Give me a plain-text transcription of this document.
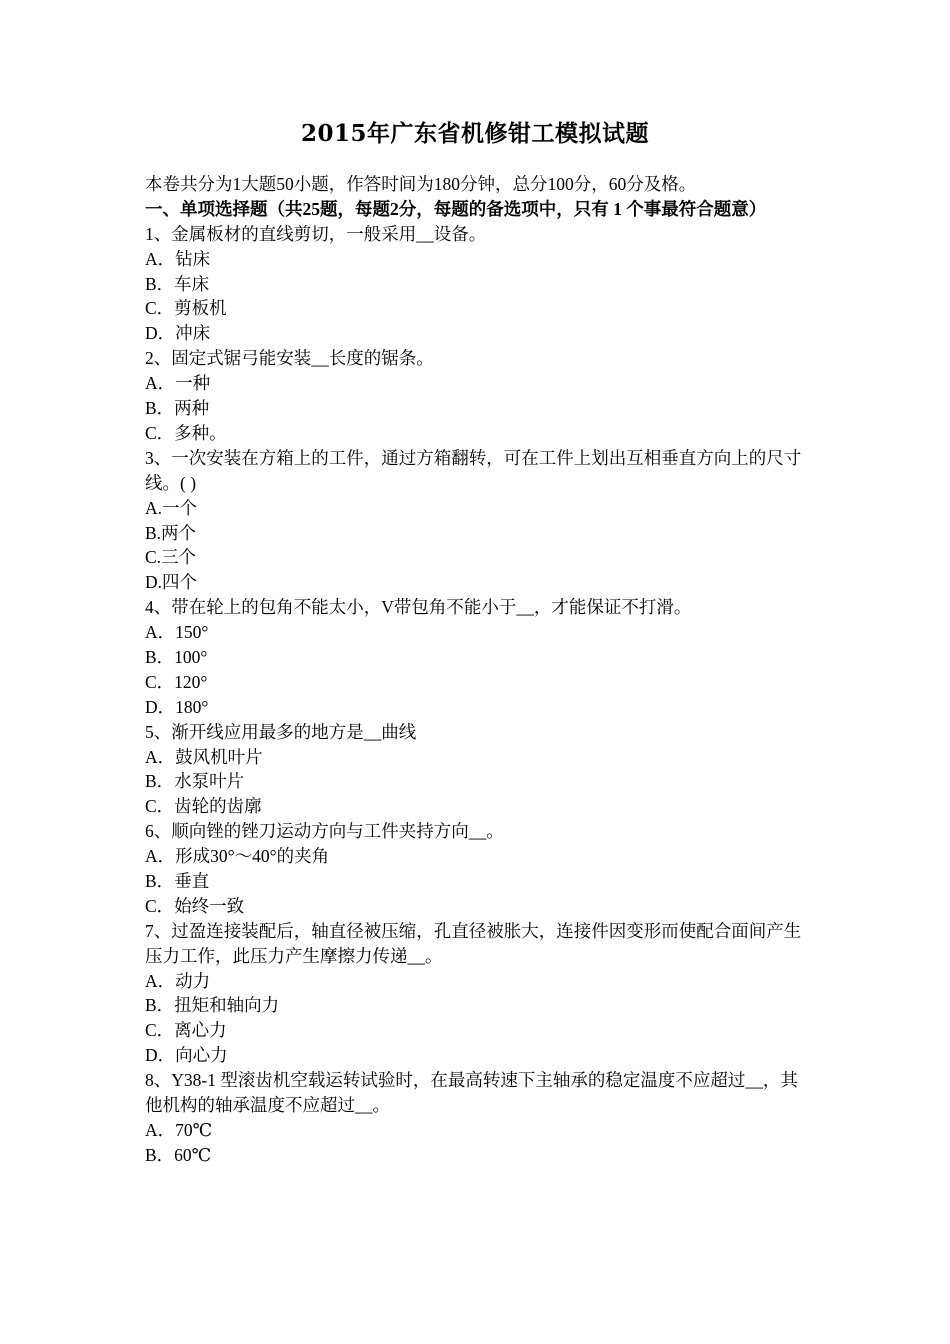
2015年广东省机修钳工模拟试题
本卷共分为1大题50小题，作答时间为180分钟，总分100分，60分及格。
一、单项选择题（共25题，每题2分，每题的备选项中，只有 1 个事最符合题意）
1、金属板材的直线剪切，一般采用__设备。
A．钻床
B．车床
C．剪板机
D．冲床
2、固定式锯弓能安装__长度的锯条。
A．一种
B．两种
C．多种。
3、一次安装在方箱上的工件，通过方箱翻转，可在工件上划出互相垂直方向上的尺寸线。( )
A.一个
B.两个
C.三个
D.四个
4、带在轮上的包角不能太小，V带包角不能小于__，才能保证不打滑。
A．150°
B．100°
C．120°
D．180°
5、渐开线应用最多的地方是__曲线
A．鼓风机叶片
B．水泵叶片
C．齿轮的齿廓
6、顺向锉的锉刀运动方向与工件夹持方向__。
A．形成30°～40°的夹角
B．垂直
C．始终一致
7、过盈连接装配后，轴直径被压缩，孔直径被胀大，连接件因变形而使配合面间产生压力工作，此压力产生摩擦力传递__。
A．动力
B．扭矩和轴向力
C．离心力
D．向心力
8、Y38-1 型滚齿机空载运转试验时，在最高转速下主轴承的稳定温度不应超过__，其他机构的轴承温度不应超过__。
A．70℃
B．60℃
